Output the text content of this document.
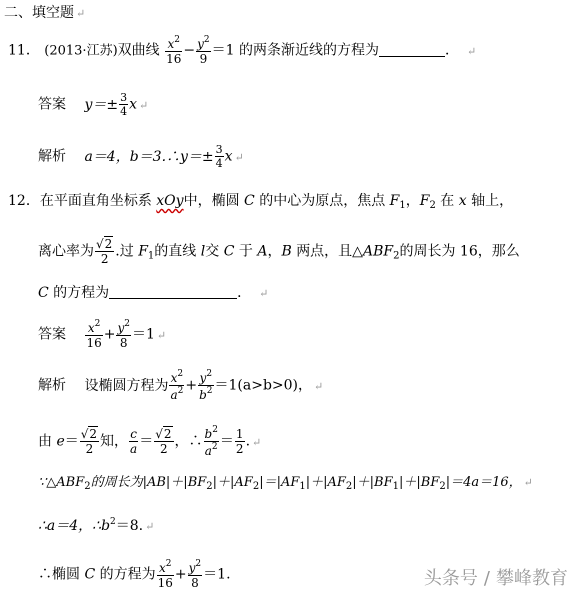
二、填空题 ↵
11． (2013·江苏)双曲线 $\frac{x^2}{16} - \frac{y^2}{9} =1$ 的两条渐近线的方程为	． ↵
答案 $y=\pm \frac{3}{4}$ x ↵
解析 a＝4，b＝3.∴y＝± $\frac{3}{4}$ x ↵
12．在平面直角坐标系 xOy中，椭圆 C 的中心为原点，焦点 $F_1$，$F_2$ 在 x 轴上，
离心率为 $\frac{√2}{2}$ .过 $F_1$的直线 l交 C 于 A，B 两点，且$\triangle ABF_2$的周长为 16，那么
C 的方程为	． ↵
答案 $\frac{x^2}{16} + \frac{y^2}{8} =1$ ↵
解析 设椭圆方程为 $\frac{x^2}{a^2} + \frac{y^2}{b^2} =1(a>b>0)$， ↵
由 $e= \frac{√2}{2}$ 知， $\frac{c}{a} = \frac{√2}{2}$ ，∴ $\frac{b^2}{a^2} = \frac{1}{2}$ . ↵
$\because\triangle ABF_2$的周长为$|AB|+|BF_2|+|AF_2|=|AF_1|+|AF_2|+|BF_1|+|BF_2|=4a=16$， ↵
∴a＝4，$\therefore b^2=8$. ↵
∴椭圆 C 的方程为 $\frac{x^2}{16} + \frac{y^2}{8} =1$.	头条号 / 攀峰教育
